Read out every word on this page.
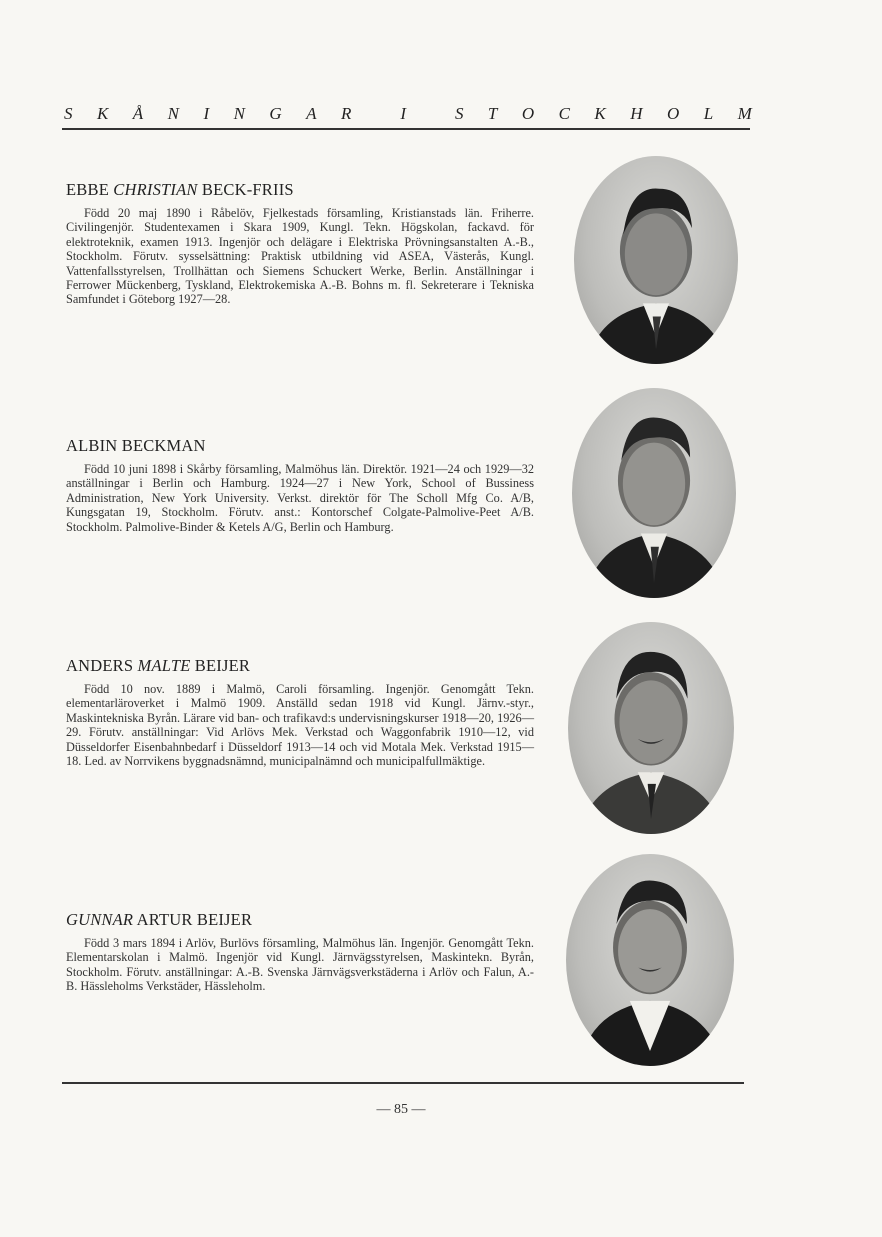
S K Å N I N G A R	I	S T O C K H O L M
EBBE CHRISTIAN BECK-FRIIS

Född 20 maj 1890 i Råbelöv, Fjelkestads församling, Kristianstads län. Friherre. Civilingenjör. Studentexamen i Skara 1909, Kungl. Tekn. Högskolan, fackavd. för elektroteknik, examen 1913. Ingenjör och delägare i Elektriska Prövningsanstalten A.-B., Stockholm. Förutv. sysselsättning: Praktisk utbildning vid ASEA, Västerås, Kungl. Vattenfallsstyrelsen, Trollhättan och Siemens Schuckert Werke, Berlin. Anställningar i Ferrower Mückenberg, Tyskland, Elektrokemiska A.-B. Bohns m. fl. Sekreterare i Tekniska Samfundet i Göteborg 1927—28.

ALBIN BECKMAN

Född 10 juni 1898 i Skårby församling, Malmöhus län. Direktör. 1921—24 och 1929—32 anställningar i Berlin och Hamburg. 1924—27 i New York, School of Bussiness Administration, New York University. Verkst. direktör för The Scholl Mfg Co. A/B, Kungsgatan 19, Stockholm. Förutv. anst.: Kontorschef Colgate-Palmolive-Peet A/B. Stockholm. Palmolive-Binder & Ketels A/G, Berlin och Hamburg.

ANDERS MALTE BEIJER

Född 10 nov. 1889 i Malmö, Caroli församling. Ingenjör. Genomgått Tekn. elementarläroverket i Malmö 1909. Anställd sedan 1918 vid Kungl. Järnv.-styr., Maskintekniska Byrån. Lärare vid ban- och trafikavd:s undervisningskurser 1918—20, 1926—29. Förutv. anställningar: Vid Arlövs Mek. Verkstad och Waggonfabrik 1910—12, vid Düsseldorfer Eisenbahnbedarf i Düsseldorf 1913—14 och vid Motala Mek. Verkstad 1915—18. Led. av Norrvikens byggnadsnämnd, municipalnämnd och municipalfullmäktige.

GUNNAR ARTUR BEIJER

Född 3 mars 1894 i Arlöv, Burlövs församling, Malmöhus län. Ingenjör. Genomgått Tekn. Elementarskolan i Malmö. Ingenjör vid Kungl. Järnvägsstyrelsen, Maskintekn. Byrån, Stockholm. Förutv. anställningar: A.-B. Svenska Järnvägsverkstäderna i Arlöv och Falun, A.-B. Hässleholms Verkstäder, Hässleholm.

— 85 —
